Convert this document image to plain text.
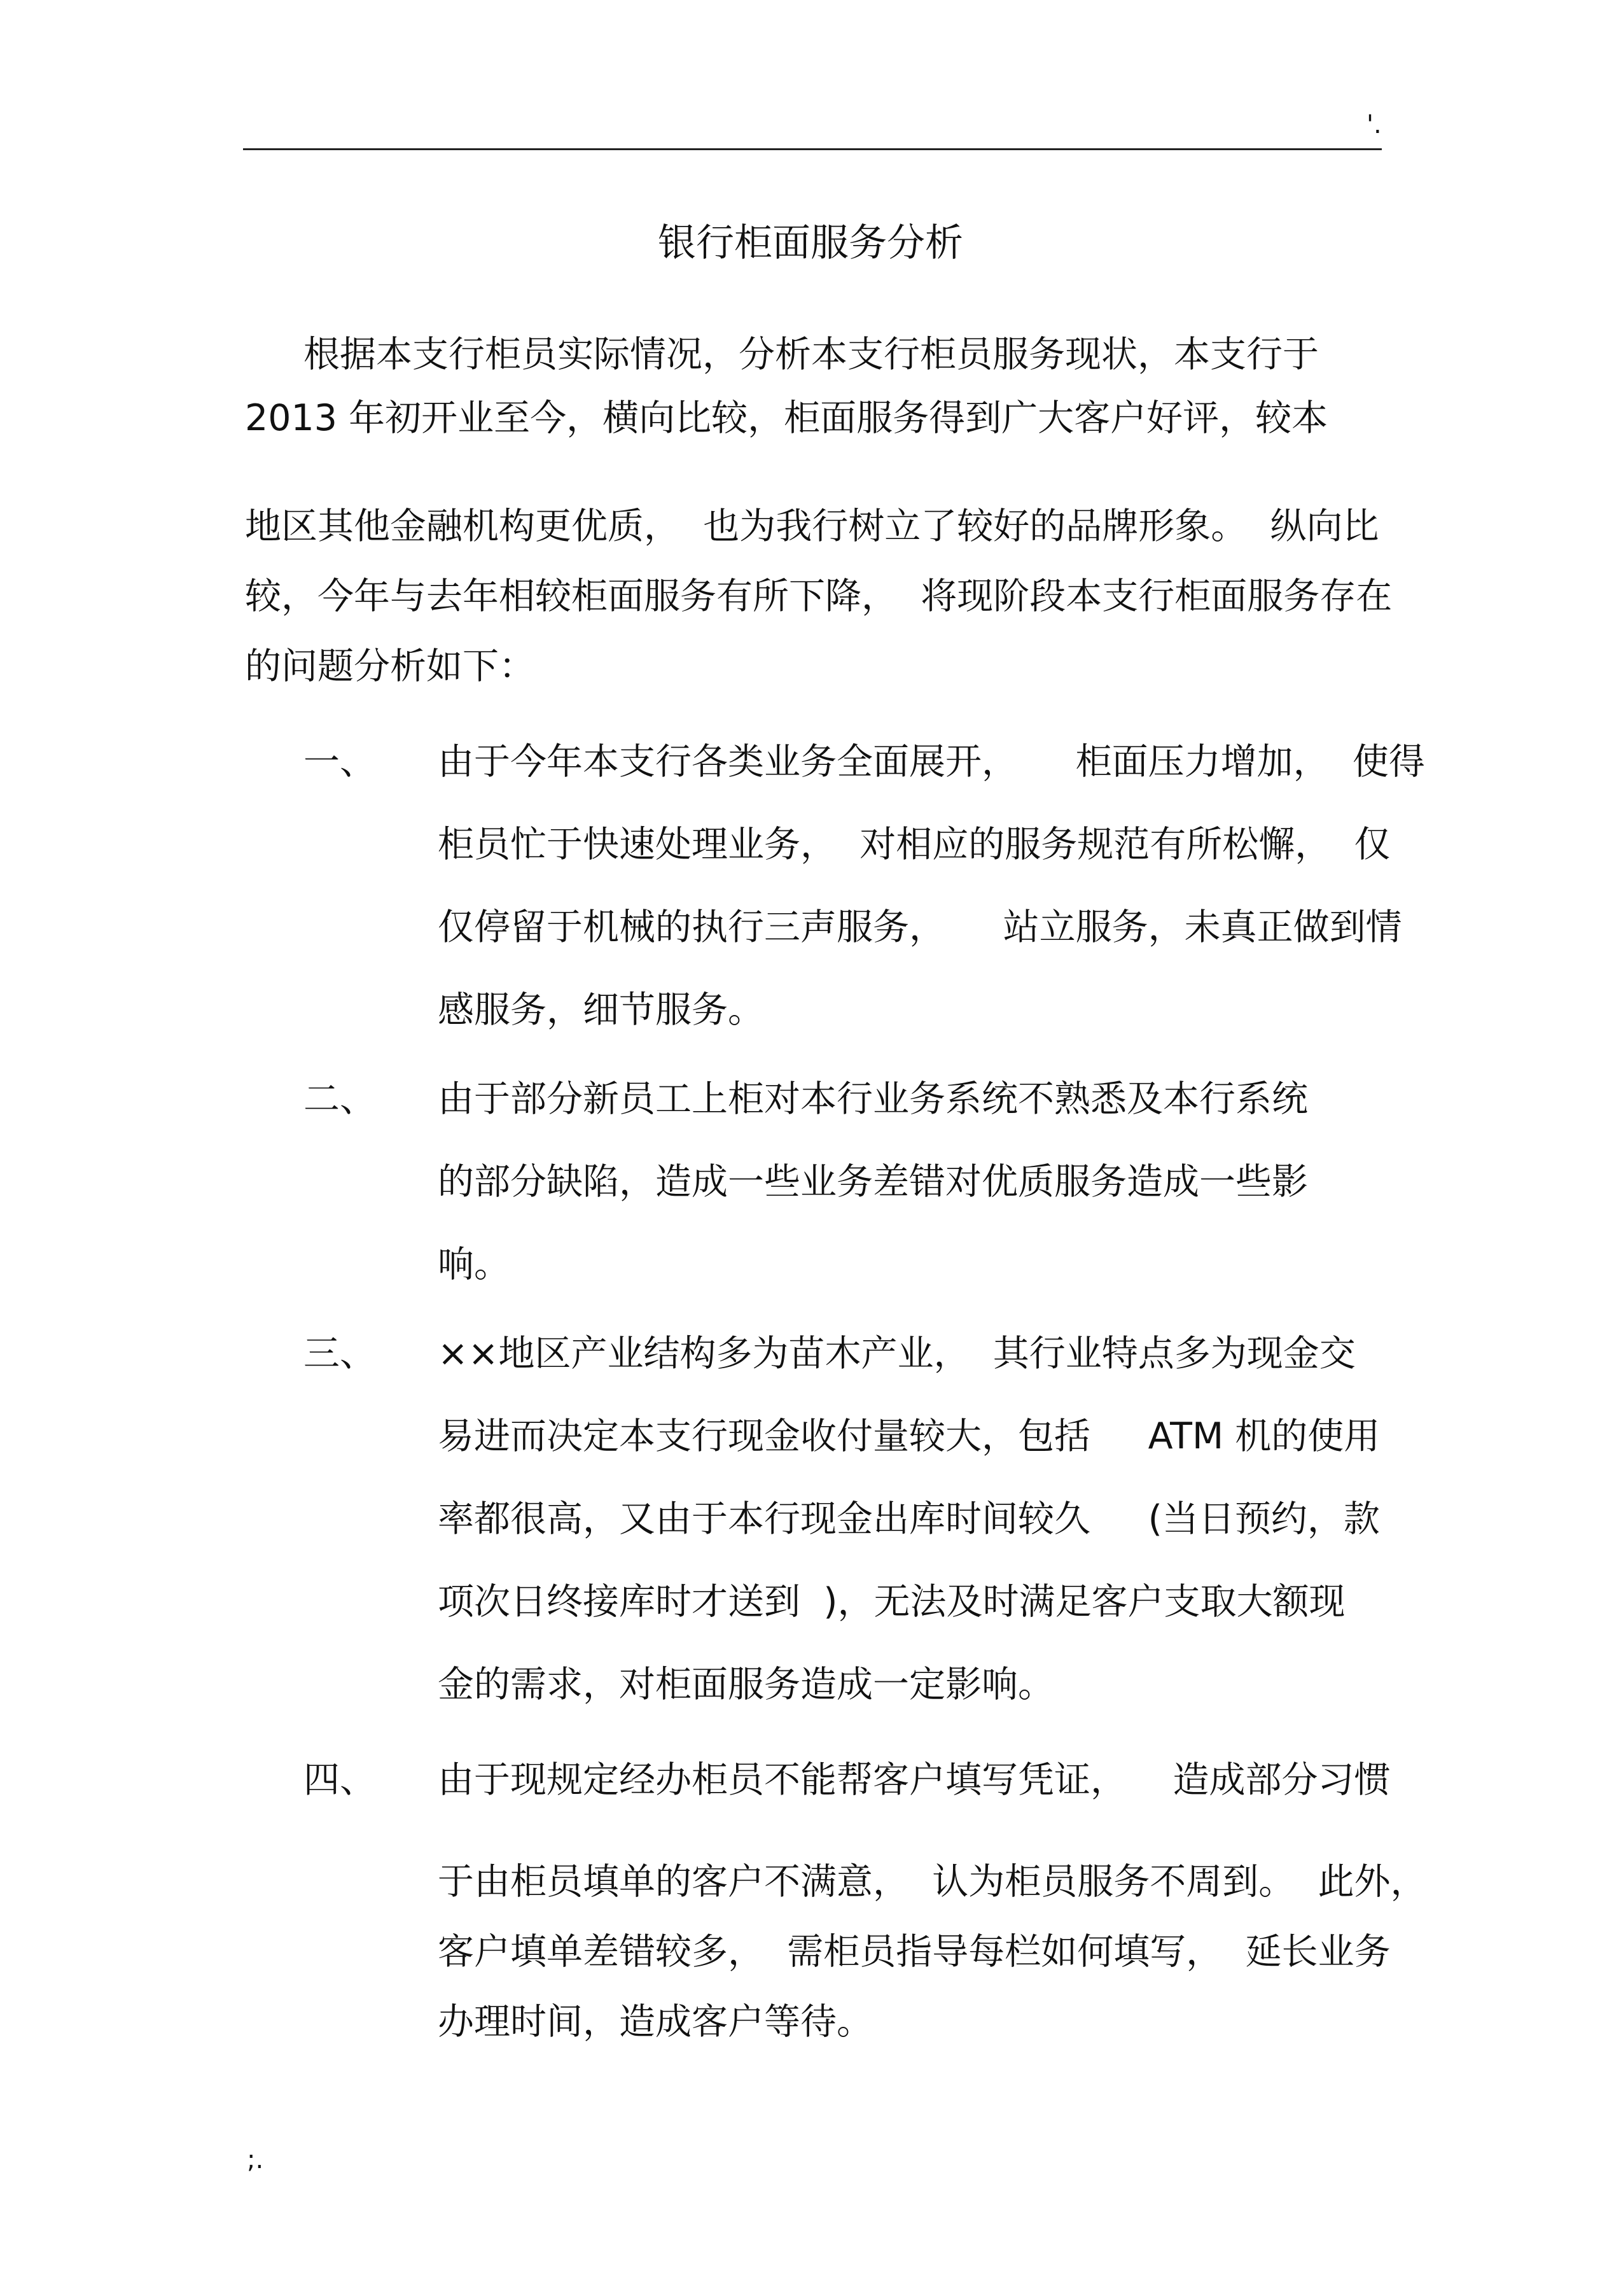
'.
银行柜面服务分析
根据本支行柜员实际情况，分析本支行柜员服务现状，本支行于
2013 年初开业至今，横向比较，柜面服务得到广大客户好评，较本
地区其他金融机构更优质，  也为我行树立了较好的品牌形象。  纵向比
较，今年与去年相较柜面服务有所下降，  将现阶段本支行柜面服务存在
的问题分析如下：
一、 由于今年本支行各类业务全面展开，     柜面压力增加，  使得
柜员忙于快速处理业务，  对相应的服务规范有所松懈，  仅
仅停留于机械的执行三声服务，     站立服务，未真正做到情
感服务，细节服务。
二、 由于部分新员工上柜对本行业务系统不熟悉及本行系统
的部分缺陷，造成一些业务差错对优质服务造成一些影
响。
三、 ××地区产业结构多为苗木产业，  其行业特点多为现金交
易进而决定本支行现金收付量较大，包括     ATM 机的使用
率都很高，又由于本行现金出库时间较久     (当日预约，款
项次日终接库时才送到  )，无法及时满足客户支取大额现
金的需求，对柜面服务造成一定影响。
四、 由于现规定经办柜员不能帮客户填写凭证，    造成部分习惯
于由柜员填单的客户不满意，  认为柜员服务不周到。  此外，
客户填单差错较多，  需柜员指导每栏如何填写，  延长业务
办理时间，造成客户等待。
;.
